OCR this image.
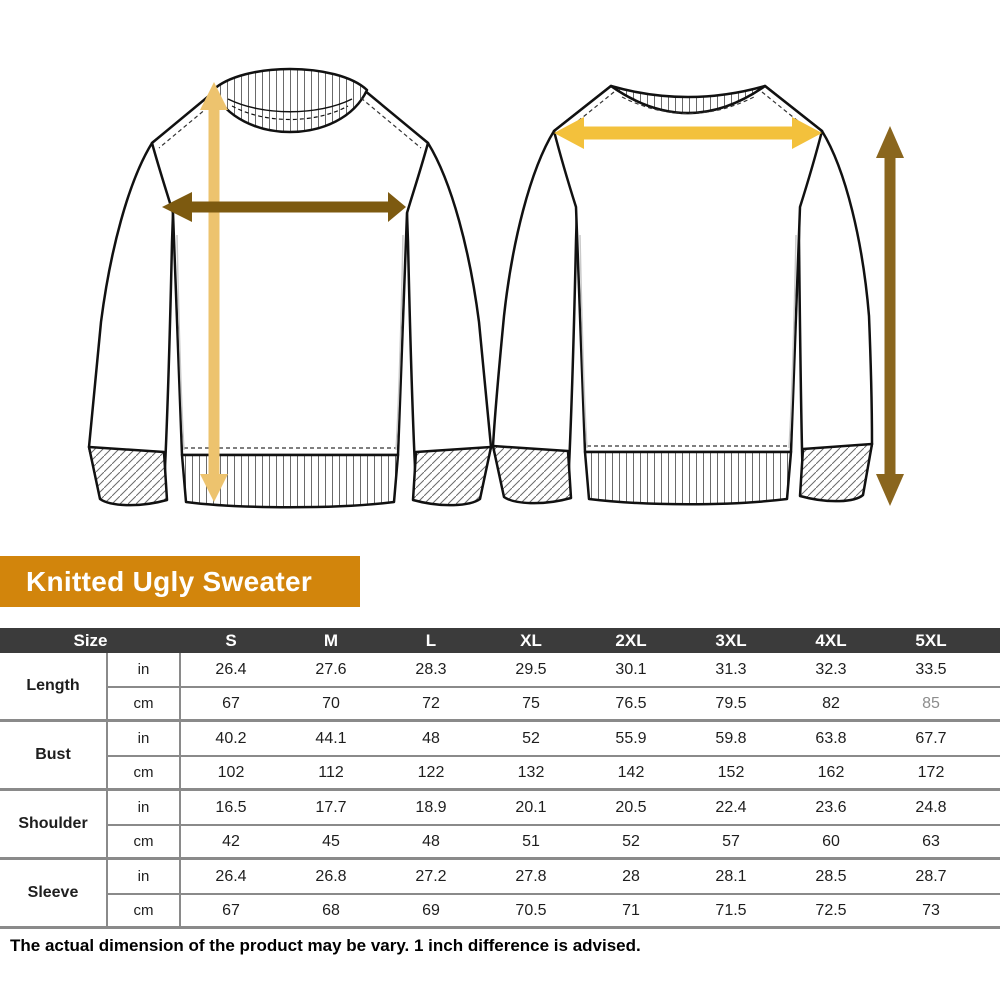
Knitted Ugly Sweater
Size	S	M	L	XL	2XL	3XL	4XL	5XL
Length
in	26.4	27.6	28.3	29.5	30.1	31.3	32.3	33.5
cm	67	70	72	75	76.5	79.5	82	85
Bust
in	40.2	44.1	48	52	55.9	59.8	63.8	67.7
cm	102	112	122	132	142	152	162	172
Shoulder
in	16.5	17.7	18.9	20.1	20.5	22.4	23.6	24.8
cm	42	45	48	51	52	57	60	63
Sleeve
in	26.4	26.8	27.2	27.8	28	28.1	28.5	28.7
cm	67	68	69	70.5	71	71.5	72.5	73
The actual dimension of the product may be vary. 1 inch difference is advised.
